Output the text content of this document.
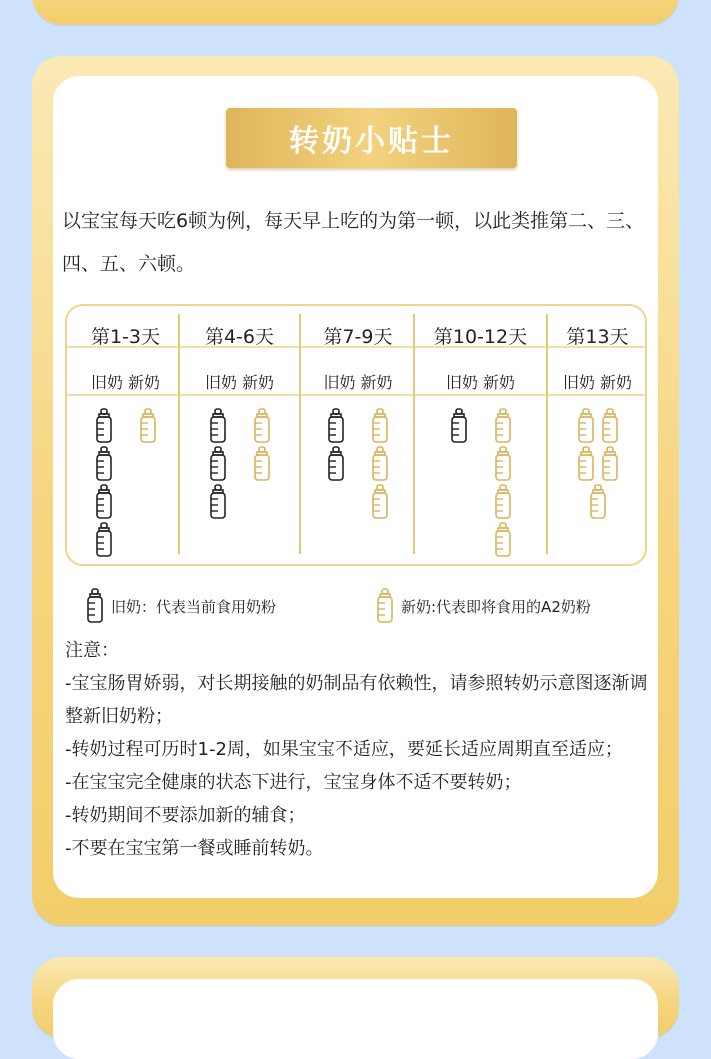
转奶小贴士

以宝宝每天吃6顿为例，每天早上吃的为第一顿，以此类推第二、三、四、五、六顿。

第1-3天
旧奶 新奶
第4-6天
旧奶 新奶
第7-9天
旧奶 新奶
第10-12天
旧奶 新奶
第13天
旧奶 新奶
旧奶：代表当前食用奶粉	新奶:代表即将食用的A2奶粉
注意：
-宝宝肠胃娇弱，对长期接触的奶制品有依赖性，请参照转奶示意图逐渐调整新旧奶粉；
-转奶过程可历时1-2周，如果宝宝不适应，要延长适应周期直至适应；
-在宝宝完全健康的状态下进行，宝宝身体不适不要转奶；
-转奶期间不要添加新的辅食；
-不要在宝宝第一餐或睡前转奶。
